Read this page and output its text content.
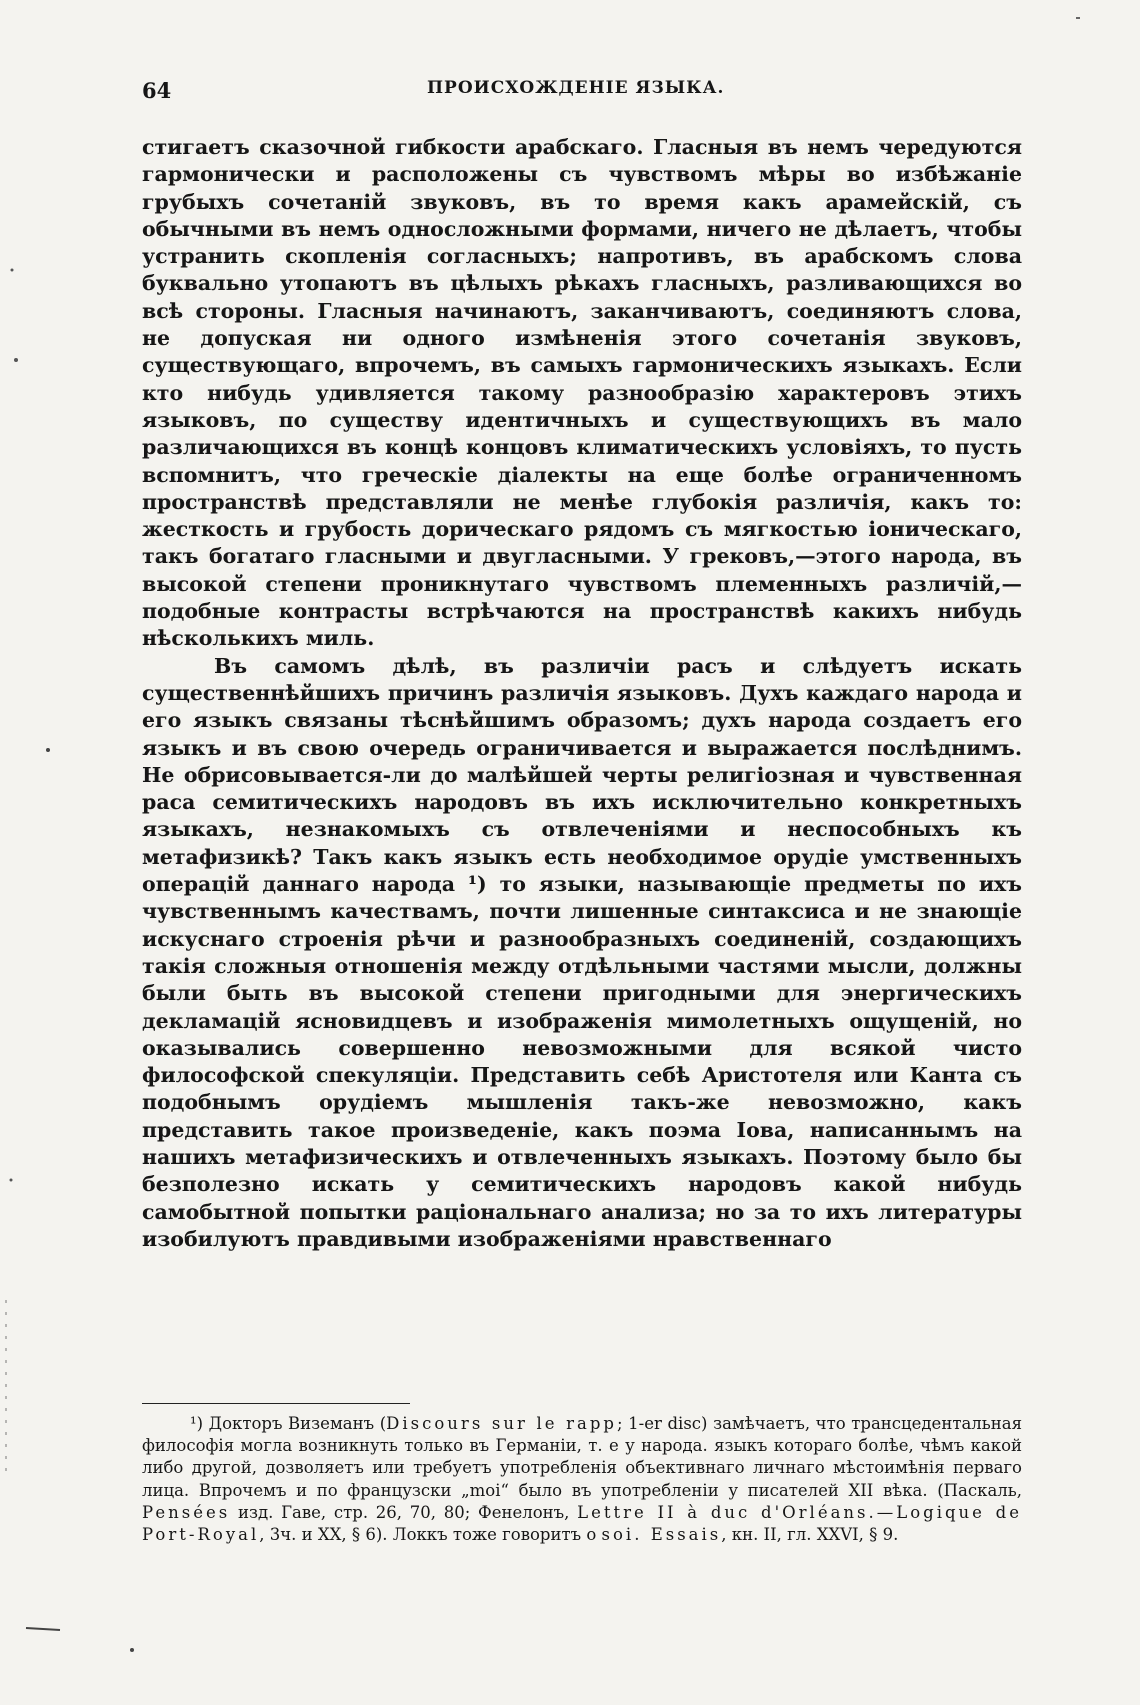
64	ПРОИСХОЖДЕНІЕ ЯЗЫКА.

стигаетъ сказочной гибкости арабскаго. Гласныя въ немъ чередуются гармонически и расположены съ чувствомъ мѣры во избѣжаніе грубыхъ сочетаній звуковъ, въ то время какъ арамейскій, съ обычными въ немъ односложными формами, ничего не дѣлаетъ, чтобы устранить скопленія согласныхъ; напротивъ, въ арабскомъ слова буквально утопаютъ въ цѣлыхъ рѣкахъ гласныхъ, разливающихся во всѣ стороны. Гласныя начинаютъ, заканчиваютъ, соединяютъ слова, не допуская ни одного измѣненія этого сочетанія звуковъ, существующаго, впрочемъ, въ самыхъ гармоническихъ языкахъ. Если кто нибудь удивляется такому разнообразію характеровъ этихъ языковъ, по существу идентичныхъ и существующихъ въ мало различающихся въ концѣ концовъ климатическихъ условіяхъ, то пусть вспомнитъ, что греческіе діалекты на еще болѣе ограниченномъ пространствѣ представляли не менѣе глубокія различія, какъ то: жесткость и грубость дорическаго рядомъ съ мягкостью іоническаго, такъ богатаго гласными и двугласными. У грековъ,—этого народа, въ высокой степени проникнутаго чувствомъ племенныхъ различій,—подобные контрасты встрѣчаются на пространствѣ какихъ нибудь нѣсколькихъ миль.

Въ самомъ дѣлѣ, въ различіи расъ и слѣдуетъ искать существеннѣйшихъ причинъ различія языковъ. Духъ каждаго народа и его языкъ связаны тѣснѣйшимъ образомъ; духъ народа создаетъ его языкъ и въ свою очередь ограничивается и выражается послѣднимъ. Не обрисовывается-ли до малѣйшей черты религіозная и чувственная раса семитическихъ народовъ въ ихъ исключительно конкретныхъ языкахъ, незнакомыхъ съ отвлеченіями и неспособныхъ къ метафизикѣ? Такъ какъ языкъ есть необходимое орудіе умственныхъ операцій даннаго народа ¹) то языки, называющіе предметы по ихъ чувственнымъ качествамъ, почти лишенные синтаксиса и не знающіе искуснаго строенія рѣчи и разнообразныхъ соединеній, создающихъ такія сложныя отношенія между отдѣльными частями мысли, должны были быть въ высокой степени пригодными для энергическихъ декламацій ясновидцевъ и изображенія мимолетныхъ ощущеній, но оказывались совершенно невозможными для всякой чисто философской спекуляціи. Представить себѣ Аристотеля или Канта съ подобнымъ орудіемъ мышленія такъ-же невозможно, какъ представить такое произведеніе, какъ поэма Іова, написаннымъ на нашихъ метафизическихъ и отвлеченныхъ языкахъ. Поэтому было бы безполезно искать у семитическихъ народовъ какой нибудь самобытной попытки раціональнаго анализа; но за то ихъ литературы изобилуютъ правдивыми изображеніями нравственнаго

¹) Докторъ Виземанъ (Discours sur le rapp; 1-er disc) замѣчаетъ, что трансцедентальная философія могла возникнуть только въ Германіи, т. е у народа. языкъ котораго болѣе, чѣмъ какой либо другой, дозволяетъ или требуетъ употребленія объективнаго личнаго мѣстоимѣнія перваго лица. Впрочемъ и по французски „moi“ было въ употребленіи у писателей XII вѣка. (Паскаль, Pensées изд. Гаве, стр. 26, 70, 80; Фенелонъ, Lettre II à duc d'Orléans.—Logique de Port-Royal, 3ч. и XX, § 6). Локкъ тоже говоритъ о soi. Essais, кн. II, гл. XXVI, § 9.
